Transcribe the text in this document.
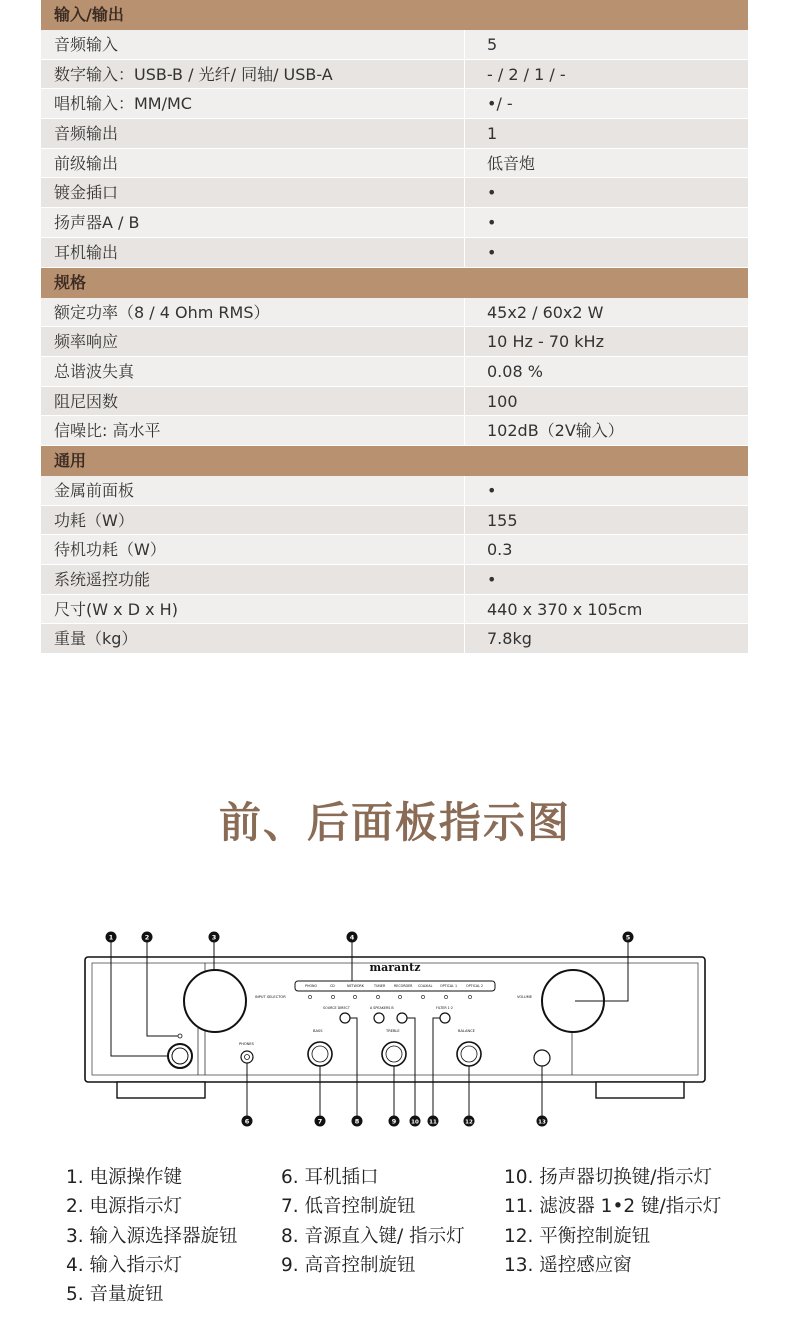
输入/输出
音频输入	5
数字输入：USB-B / 光纤/ 同轴/ USB-A	- / 2 / 1 / -
唱机输入：MM/MC	•/ -
音频输出	1
前级输出	低音炮
镀金插口	•
扬声器A / B	•
耳机输出	•
规格
额定功率（8 / 4 Ohm RMS）	45x2 / 60x2 W
频率响应	10 Hz - 70 kHz
总谐波失真	0.08 %
阻尼因数	100
信噪比: 高水平	102dB（2V输入）
通用
金属前面板	•
功耗（W）	155
待机功耗（W）	0.3
系统遥控功能	•
尺寸(W x D x H)	440 x 370 x 105cm
重量（kg）	7.8kg
前、后面板指示图
marantz
PHONO	CD	NETWORK	TUNER	RECORDER COAXIAL OPTICAL 1	OPTICAL 2
INPUT SELECTOR	VOLUME
PHONES
SOURCE DIRECT	A SPEAKERS B	FILTER 1·2
BASS	TREBLE	BALANCE
1	2	3	4	5
6	7	8	9	10 11	12	13
1. 电源操作键
2. 电源指示灯
3. 输入源选择器旋钮
4. 输入指示灯
5. 音量旋钮
6. 耳机插口
7. 低音控制旋钮
8. 音源直入键/ 指示灯
9. 高音控制旋钮
10. 扬声器切换键/指示灯
11. 滤波器 1•2 键/指示灯
12. 平衡控制旋钮
13. 遥控感应窗
